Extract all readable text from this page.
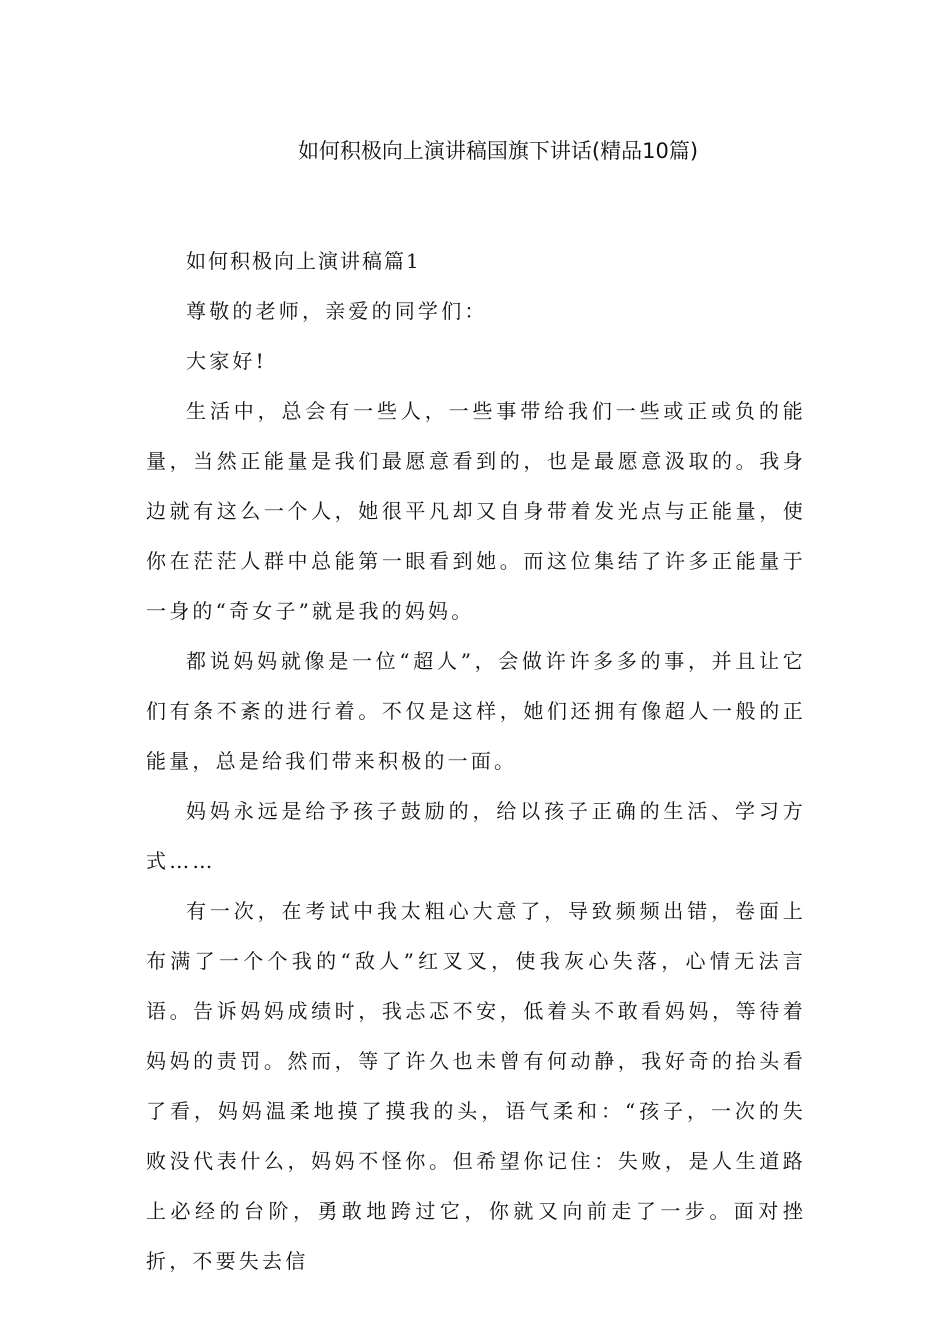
如何积极向上演讲稿国旗下讲话(精品10篇)

如何积极向上演讲稿篇1

尊敬的老师，亲爱的同学们：

大家好!

生活中，总会有一些人，一些事带给我们一些或正或负的能量，当然正能量是我们最愿意看到的，也是最愿意汲取的。我身边就有这么一个人，她很平凡却又自身带着发光点与正能量，使你在茫茫人群中总能第一眼看到她。而这位集结了许多正能量于一身的“奇女子”就是我的妈妈。

都说妈妈就像是一位“超人”，会做许许多多的事，并且让它们有条不紊的进行着。不仅是这样，她们还拥有像超人一般的正能量，总是给我们带来积极的一面。

妈妈永远是给予孩子鼓励的，给以孩子正确的生活、学习方式……

有一次，在考试中我太粗心大意了，导致频频出错，卷面上布满了一个个我的“敌人”红叉叉，使我灰心失落，心情无法言语。告诉妈妈成绩时，我忐忑不安，低着头不敢看妈妈，等待着妈妈的责罚。然而，等了许久也未曾有何动静，我好奇的抬头看了看，妈妈温柔地摸了摸我的头，语气柔和：“孩子，一次的失败没代表什么，妈妈不怪你。但希望你记住：失败，是人生道路上必经的台阶，勇敢地跨过它，你就又向前走了一步。面对挫折，不要失去信
